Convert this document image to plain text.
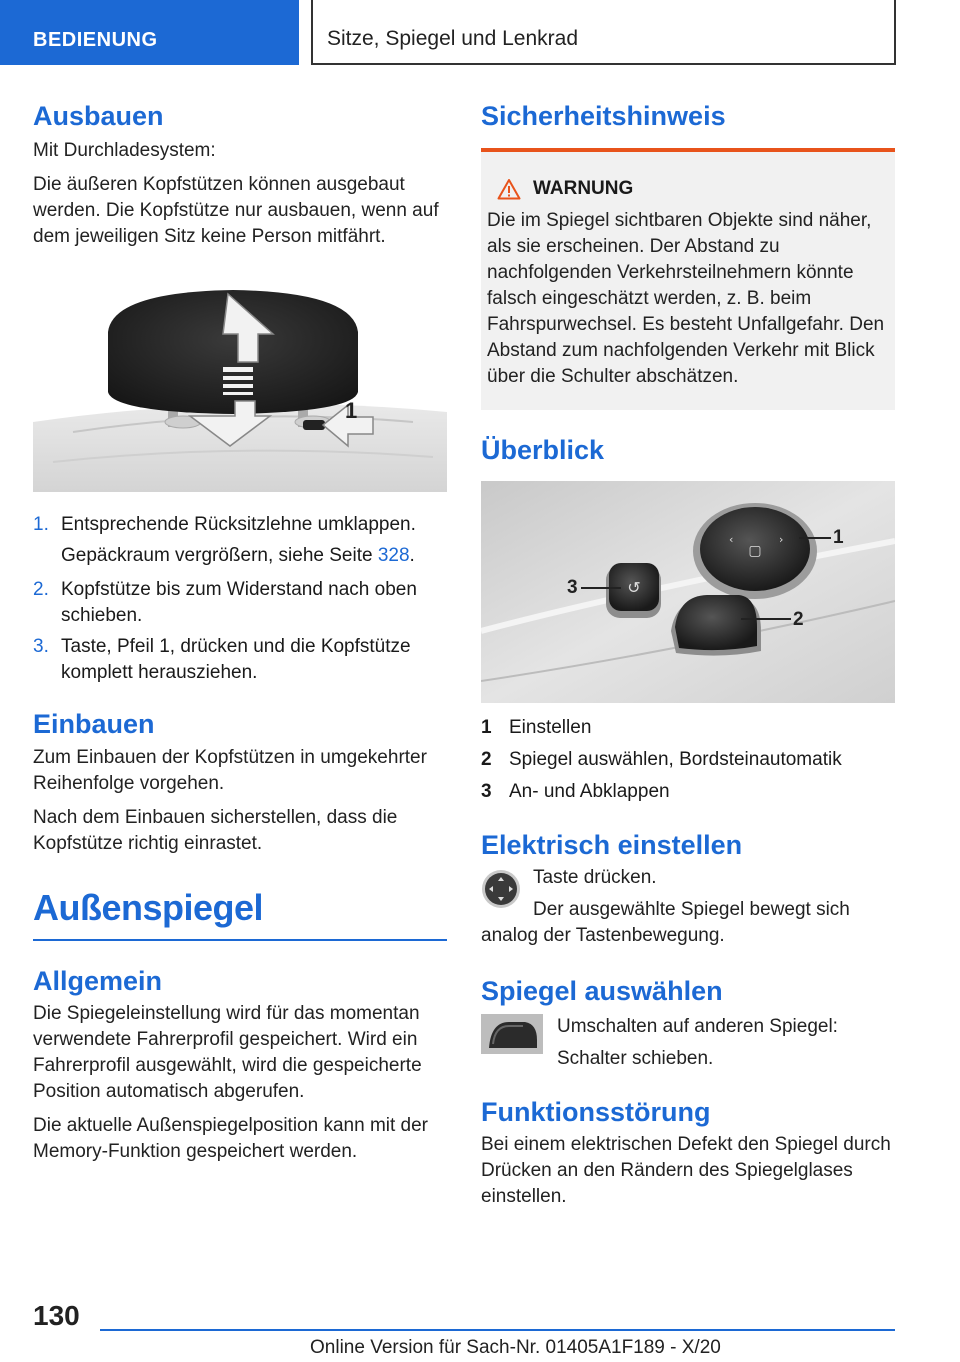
BEDIENUNG	Sitze, Spiegel und Lenkrad
Ausbauen

Mit Durchladesystem:

Die äußeren Kopfstützen können ausgebaut werden. Die Kopfstütze nur ausbauen, wenn auf dem jeweiligen Sitz keine Person mitfährt.

1
1. Entsprechende Rücksitzlehne umklappen.
Gepäckraum vergrößern, siehe Seite 328.
2. Kopfstütze bis zum Widerstand nach oben schieben.
3. Taste, Pfeil 1, drücken und die Kopfstütze komplett herausziehen.
Einbauen

Zum Einbauen der Kopfstützen in umgekehrter Reihenfolge vorgehen.

Nach dem Einbauen sicherstellen, dass die Kopfstütze richtig einrastet.

Außenspiegel
Allgemein

Die Spiegeleinstellung wird für das momentan verwendete Fahrerprofil gespeichert. Wird ein Fahrerprofil ausgewählt, wird die gespeicherte Position automatisch abgerufen.

Die aktuelle Außenspiegelposition kann mit der Memory-Funktion gespeichert werden.

Sicherheitshinweis
WARNUNG

Die im Spiegel sichtbaren Objekte sind näher, als sie erscheinen. Der Abstand zu nachfolgenden Verkehrsteilnehmern könnte falsch eingeschätzt werden, z. B. beim Fahrspurwechsel. Es besteht Unfallgefahr. Den Abstand zum nachfolgenden Verkehr mit Blick über die Schulter abschätzen.

Überblick
▢
‹	›
↺
1
2
3
1 Einstellen
2 Spiegel auswählen, Bordsteinautomatik
3 An- und Abklappen
Elektrisch einstellen

Taste drücken.

Der ausgewählte Spiegel bewegt sich analog der Tastenbewegung.

Spiegel auswählen

Umschalten auf anderen Spiegel:

Schalter schieben.

Funktionsstörung

Bei einem elektrischen Defekt den Spiegel durch Drücken an den Rändern des Spiegelglases einstellen.

130
Online Version für Sach-Nr. 01405A1F189 - X/20
